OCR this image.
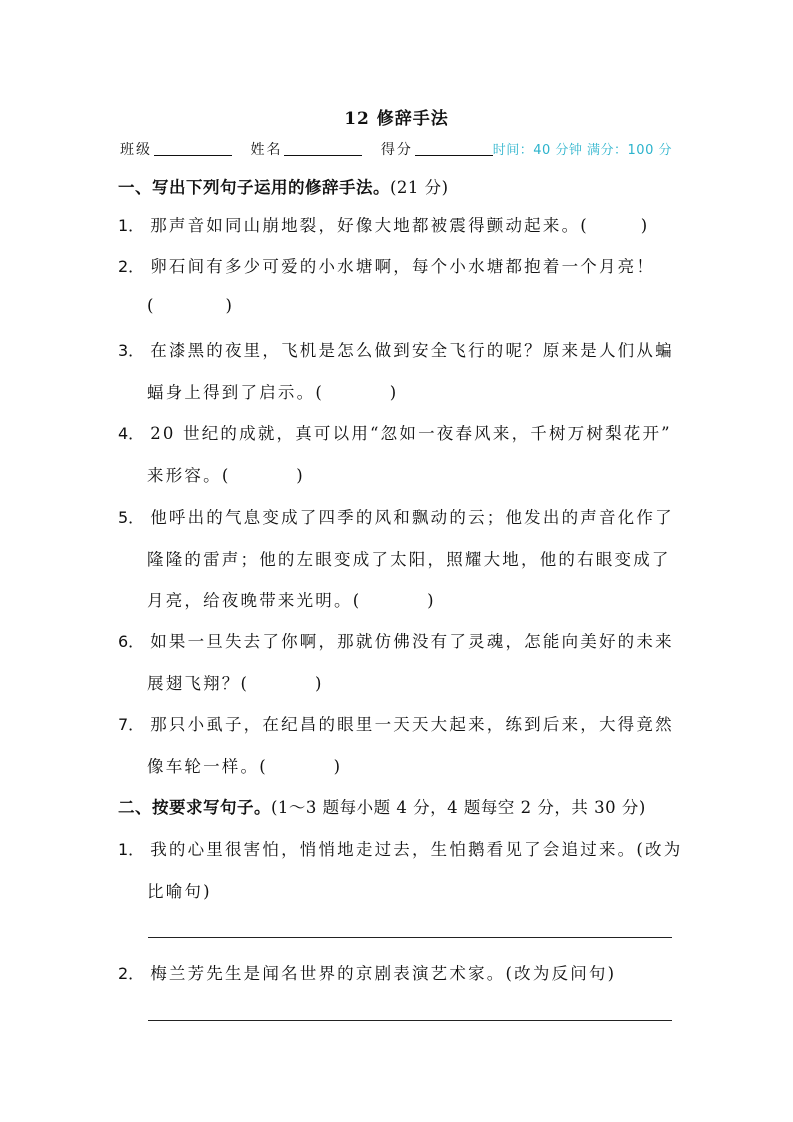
12 修辞手法
班级	姓名	得分	时间：40 分钟 满分：100 分
一、写出下列句子运用的修辞手法。(21 分)
1． 那声音如同山崩地裂，好像大地都被震得颤动起来。(	)
2． 卵石间有多少可爱的小水塘啊，每个小水塘都抱着一个月亮！
(	)
3． 在漆黑的夜里，飞机是怎么做到安全飞行的呢？原来是人们从蝙
蝠身上得到了启示。(	)
4． 20 世纪的成就，真可以用“忽如一夜春风来，千树万树梨花开”
来形容。(	)
5． 他呼出的气息变成了四季的风和飘动的云；他发出的声音化作了
隆隆的雷声；他的左眼变成了太阳，照耀大地，他的右眼变成了
月亮，给夜晚带来光明。(	)
6． 如果一旦失去了你啊，那就仿佛没有了灵魂，怎能向美好的未来
展翅飞翔？(	)
7． 那只小虱子，在纪昌的眼里一天天大起来，练到后来，大得竟然
像车轮一样。(	)
二、按要求写句子。(1～3 题每小题 4 分，4 题每空 2 分，共 30 分)
1． 我的心里很害怕，悄悄地走过去，生怕鹅看见了会追过来。(改为
比喻句)
2． 梅兰芳先生是闻名世界的京剧表演艺术家。(改为反问句)
